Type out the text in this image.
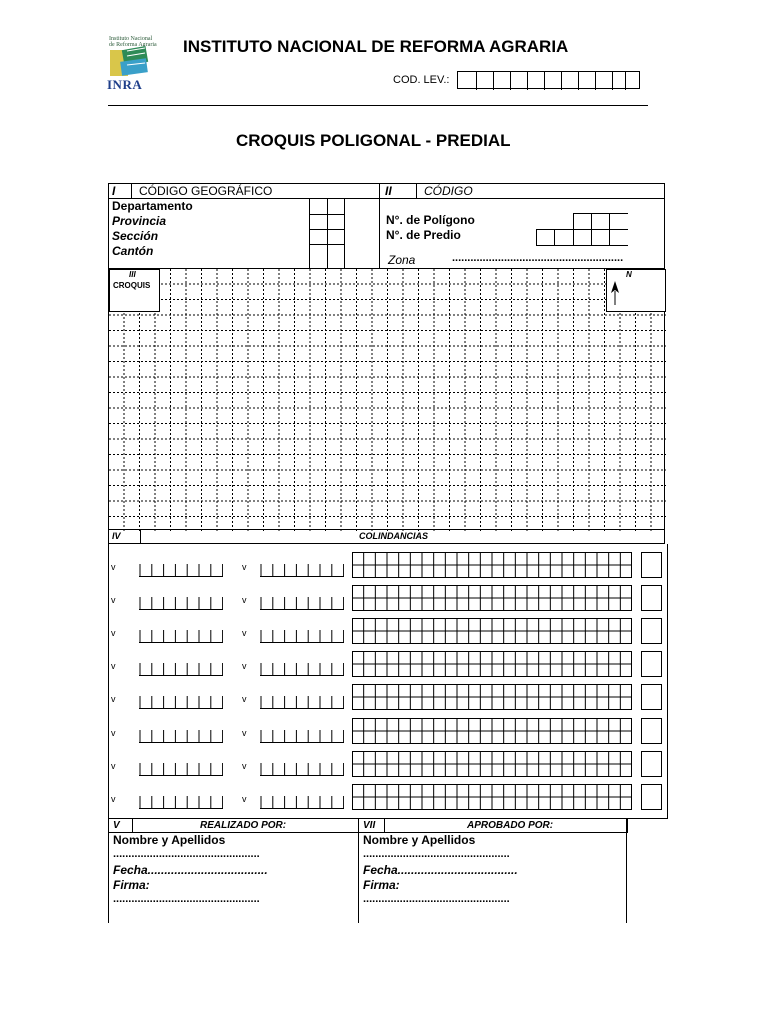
Instituto Nacional
de Reforma Agraria
INRA
INSTITUTO NACIONAL DE REFORMA AGRARIA
COD. LEV.:
CROQUIS POLIGONAL - PREDIAL
I CÓDIGO GEOGRÁFICO	II	CÓDIGO
Departamento
Provincia
Sección
Cantón
N°. de Polígono
N°. de Predio
Zona	........................................................
III
CROQUIS
N
IV	COLINDANCIAS
v	v
v	v
v	v
v	v
v	v
v	v
v	v
v	v
V	REALIZADO POR:	VII	APROBADO POR:
Nombre y Apellidos
................................................
Fecha....................................
Firma:
................................................
Nombre y Apellidos
................................................
Fecha....................................
Firma:
................................................
